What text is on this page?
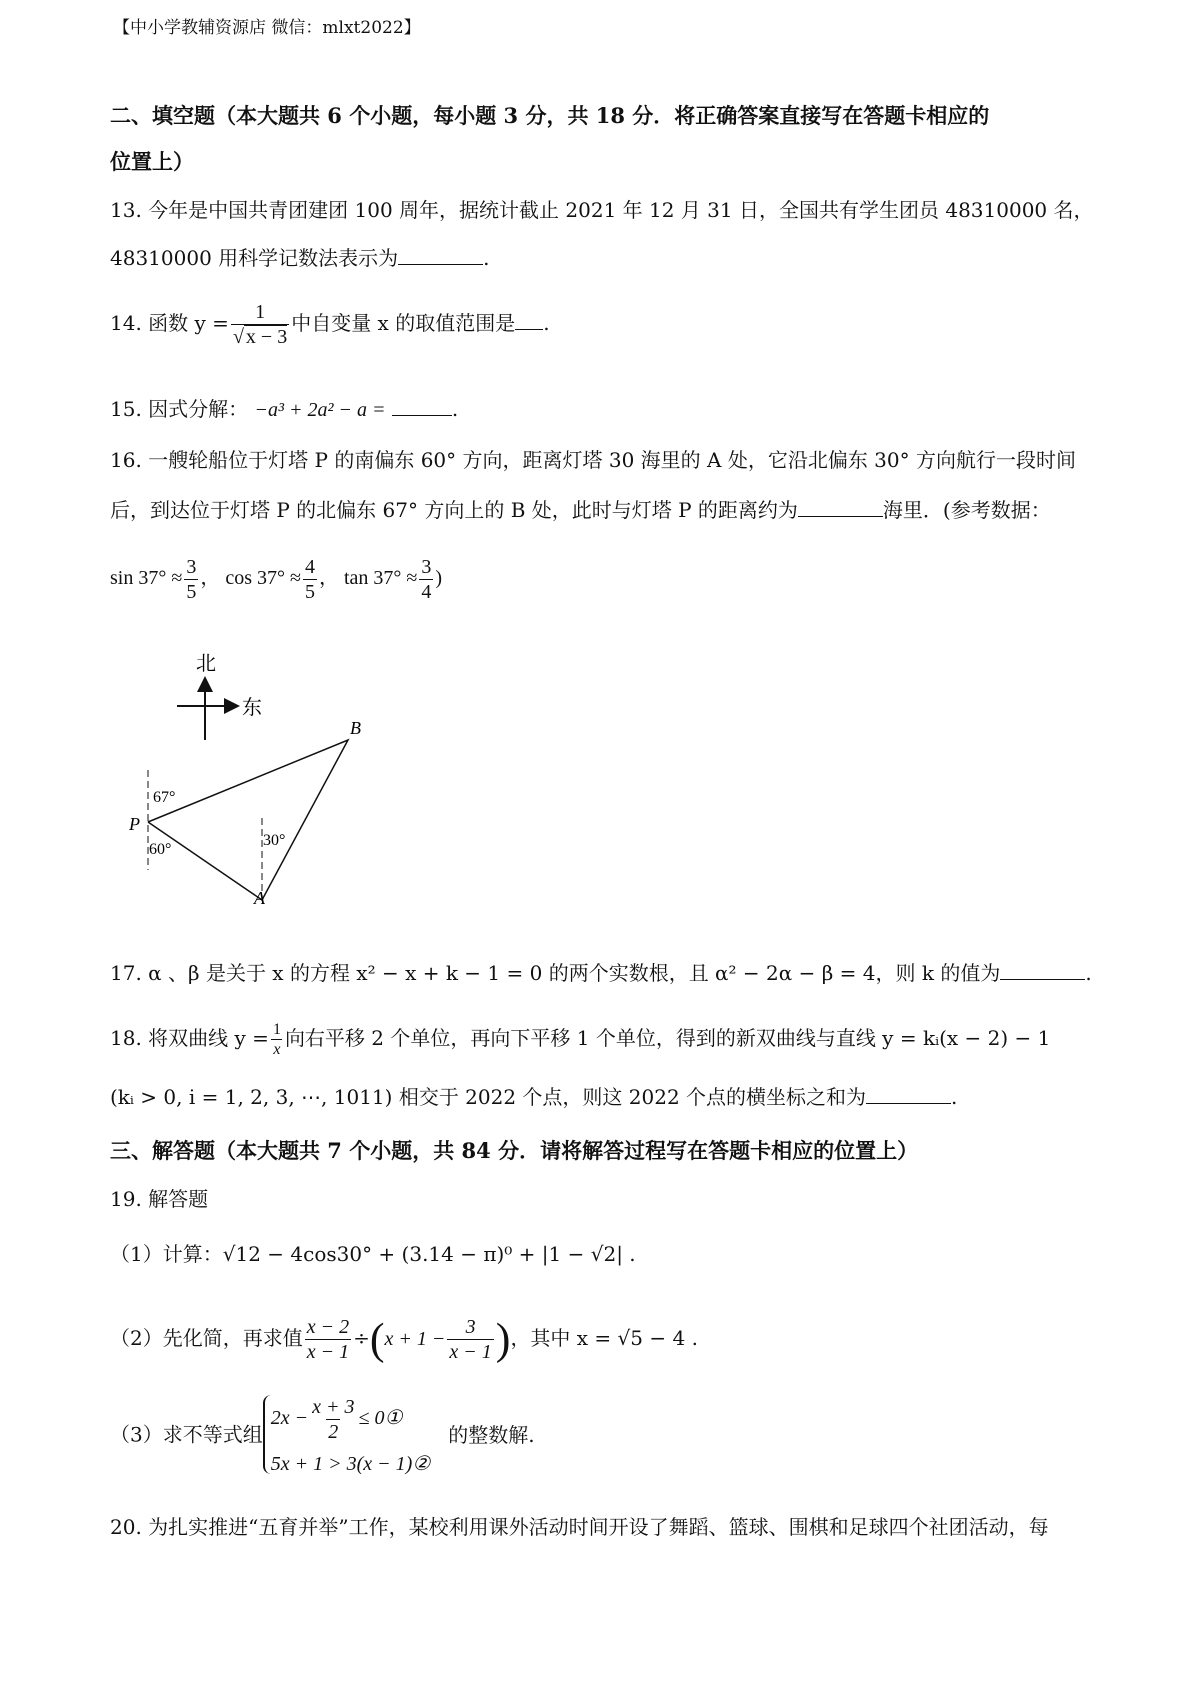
【中小学教辅资源店 微信：mlxt2022】
二、填空题（本大题共 6 个小题，每小题 3 分，共 18 分．将正确答案直接写在答题卡相应的
位置上）
13. 今年是中国共青团建团 100 周年，据统计截止 2021 年 12 月 31 日，全国共有学生团员 48310000 名，
48310000 用科学记数法表示为	.
14. 函数 $y = \frac{1}{√ x - 3}$ 中自变量 x 的取值范围是 .
15. 因式分解： −a³ + 2a² − a =	.
16. 一艘轮船位于灯塔 P 的南偏东 60° 方向，距离灯塔 30 海里的 A 处，它沿北偏东 30° 方向航行一段时间
后，到达位于灯塔 P 的北偏东 67° 方向上的 B 处，此时与灯塔 P 的距离约为	海里．(参考数据：
$\sin 37^\circ \approx \frac{3}{5}$ ， $\cos 37^\circ \approx \frac{4}{5}$ ， $\tan 37^\circ \approx \frac{3}{4}$ )
北
东
B
P
A
67°
60°
30°
17. α 、β 是关于 x 的方程 x² − x + k − 1 = 0 的两个实数根，且 α² − 2α − β = 4，则 k 的值为	.
18. 将双曲线 $y = \frac{1}{x}$ 向右平移 2 个单位，再向下平移 1 个单位，得到的新双曲线与直线 y = kᵢ(x − 2) − 1
(kᵢ > 0, i = 1, 2, 3, ⋯, 1011) 相交于 2022 个点，则这 2022 个点的横坐标之和为	.
三、解答题（本大题共 7 个小题，共 84 分．请将解答过程写在答题卡相应的位置上）
19. 解答题
（1）计算：√12 − 4cos30° + (3.14 − π)⁰ + |1 − √2| .
（2）先化简，再求值 $\frac{x - 2}{x - 1} \div(x + 1 - \frac{3}{x - 1}$ )，其中 x = √5 − 4 .
（3）求不等式组
$2x - \frac{x + 3}{2}$ ≤ 0①
5x + 1 > 3(x − 1)②
的整数解.
20. 为扎实推进“五育并举”工作，某校利用课外活动时间开设了舞蹈、篮球、围棋和足球四个社团活动，每
